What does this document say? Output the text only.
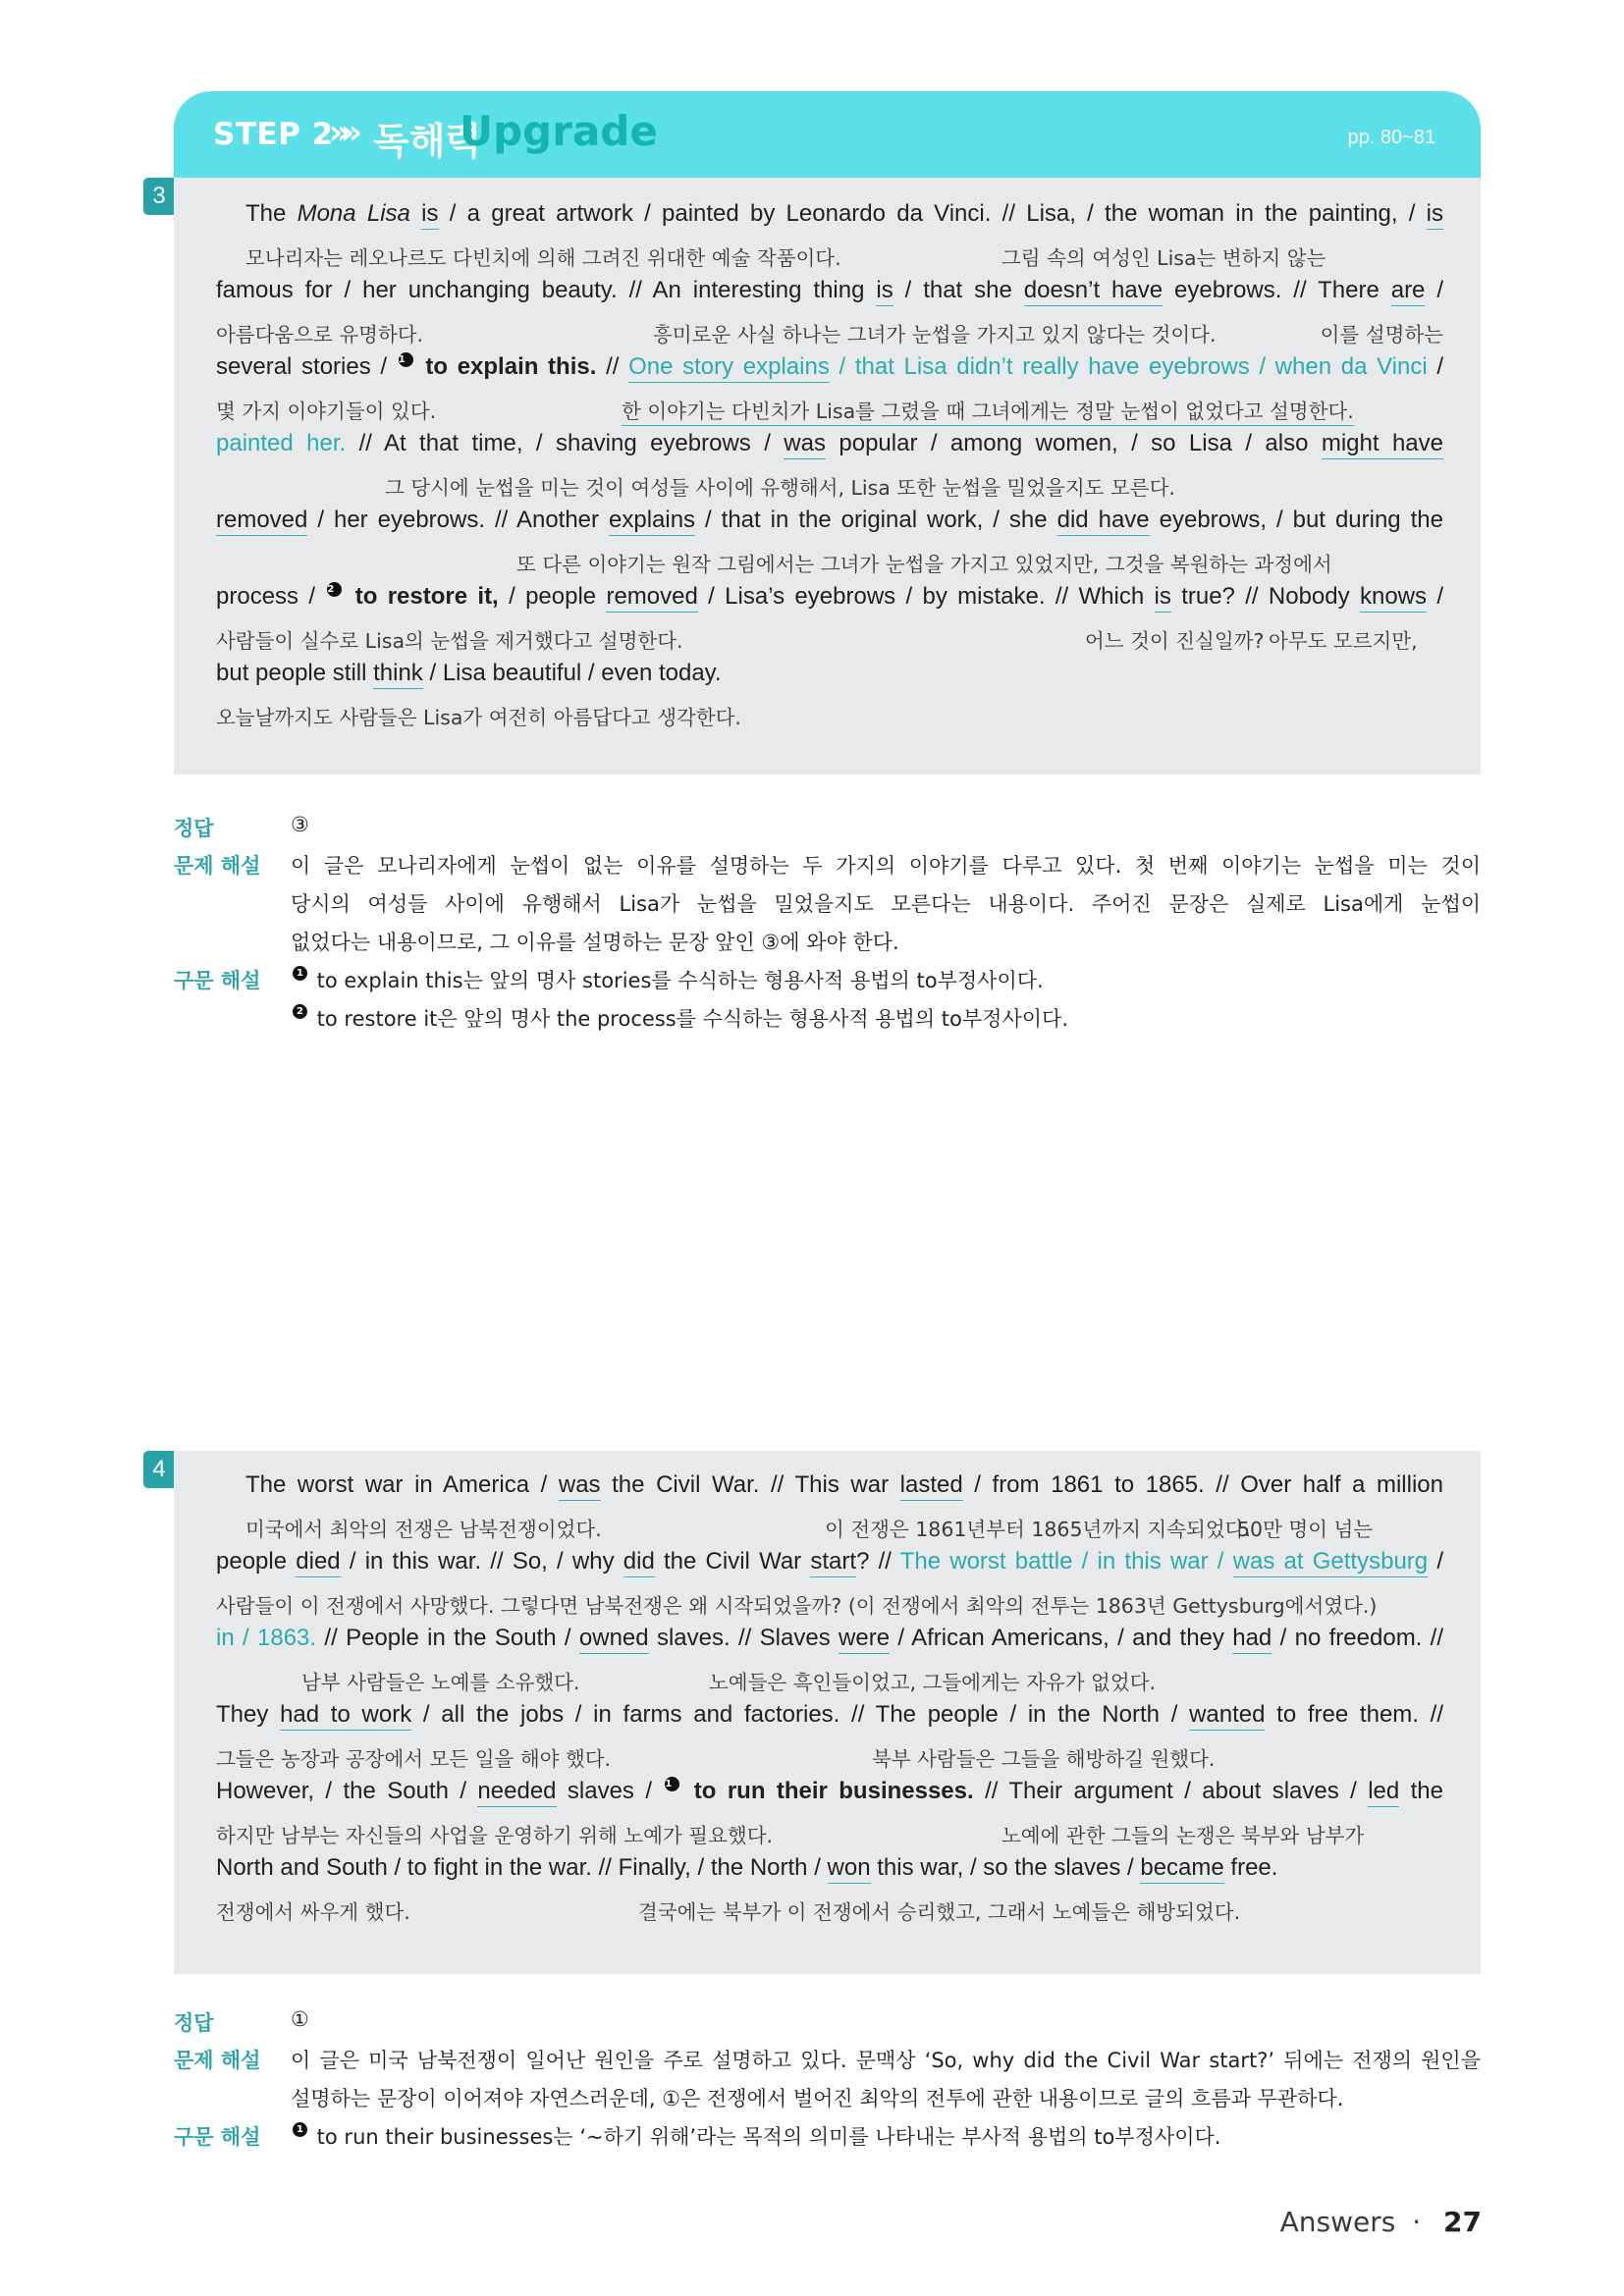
STEP 2
»» 독해력
Upgrade	pp. 80~81
3
The Mona Lisa is / a great artwork / painted by Leonardo da Vinci. // Lisa, / the woman in the painting, / is
모나리자는 레오나르도 다빈치에 의해 그려진 위대한 예술 작품이다.	그림 속의 여성인 Lisa는 변하지 않는
famous for / her unchanging beauty. // An interesting thing is / that she doesn’t have eyebrows. // There are /
아름다움으로 유명하다.	흥미로운 사실 하나는 그녀가 눈썹을 가지고 있지 않다는 것이다.	이를 설명하는
several stories / 1 to explain this. // One story explains / that Lisa didn’t really have eyebrows / when da Vinci /
몇 가지 이야기들이 있다.	한 이야기는 다빈치가 Lisa를 그렸을 때 그녀에게는 정말 눈썹이 없었다고 설명한다.
painted her. // At that time, / shaving eyebrows / was popular / among women, / so Lisa / also might have
그 당시에 눈썹을 미는 것이 여성들 사이에 유행해서, Lisa 또한 눈썹을 밀었을지도 모른다.
removed / her eyebrows. // Another explains / that in the original work, / she did have eyebrows, / but during the
또 다른 이야기는 원작 그림에서는 그녀가 눈썹을 가지고 있었지만, 그것을 복원하는 과정에서
process / 2 to restore it, / people removed / Lisa’s eyebrows / by mistake. // Which is true? // Nobody knows /
사람들이 실수로 Lisa의 눈썹을 제거했다고 설명한다.	어느 것이 진실일까? 아무도 모르지만,
but people still think / Lisa beautiful / even today.
오늘날까지도 사람들은 Lisa가 여전히 아름답다고 생각한다.
정답	③
문제 해설 이 글은 모나리자에게 눈썹이 없는 이유를 설명하는 두 가지의 이야기를 다루고 있다. 첫 번째 이야기는 눈썹을 미는 것이
당시의 여성들 사이에 유행해서 Lisa가 눈썹을 밀었을지도 모른다는 내용이다. 주어진 문장은 실제로 Lisa에게 눈썹이
없었다는 내용이므로, 그 이유를 설명하는 문장 앞인 ③에 와야 한다.
구문 해설	1 to explain this는 앞의 명사 stories를 수식하는 형용사적 용법의 to부정사이다.
2 to restore it은 앞의 명사 the process를 수식하는 형용사적 용법의 to부정사이다.
4
The worst war in America / was the Civil War. // This war lasted / from 1861 to 1865. // Over half a million
미국에서 최악의 전쟁은 남북전쟁이었다.	이 전쟁은 1861년부터 1865년까지 지속되었다.
50만 명이 넘는
people died / in this war. // So, / why did the Civil War start? // The worst battle / in this war / was at Gettysburg /
사람들이 이 전쟁에서 사망했다. 그렇다면 남북전쟁은 왜 시작되었을까? (이 전쟁에서 최악의 전투는 1863년 Gettysburg에서였다.)
in / 1863. // People in the South / owned slaves. // Slaves were / African Americans, / and they had / no freedom. //
남부 사람들은 노예를 소유했다.	노예들은 흑인들이었고, 그들에게는 자유가 없었다.
They had to work / all the jobs / in farms and factories. // The people / in the North / wanted to free them. //
그들은 농장과 공장에서 모든 일을 해야 했다.	북부 사람들은 그들을 해방하길 원했다.
However, / the South / needed slaves / 1 to run their businesses. // Their argument / about slaves / led the
하지만 남부는 자신들의 사업을 운영하기 위해 노예가 필요했다.	노예에 관한 그들의 논쟁은 북부와 남부가
North and South / to fight in the war. // Finally, / the North / won this war, / so the slaves / became free.
전쟁에서 싸우게 했다.	결국에는 북부가 이 전쟁에서 승리했고, 그래서 노예들은 해방되었다.
정답	①
문제 해설 이 글은 미국 남북전쟁이 일어난 원인을 주로 설명하고 있다. 문맥상 ‘So, why did the Civil War start?’ 뒤에는 전쟁의 원인을
설명하는 문장이 이어져야 자연스러운데, ①은 전쟁에서 벌어진 최악의 전투에 관한 내용이므로 글의 흐름과 무관하다.
구문 해설	1 to run their businesses는 ‘~하기 위해’라는 목적의 의미를 나타내는 부사적 용법의 to부정사이다.
Answers · 27
